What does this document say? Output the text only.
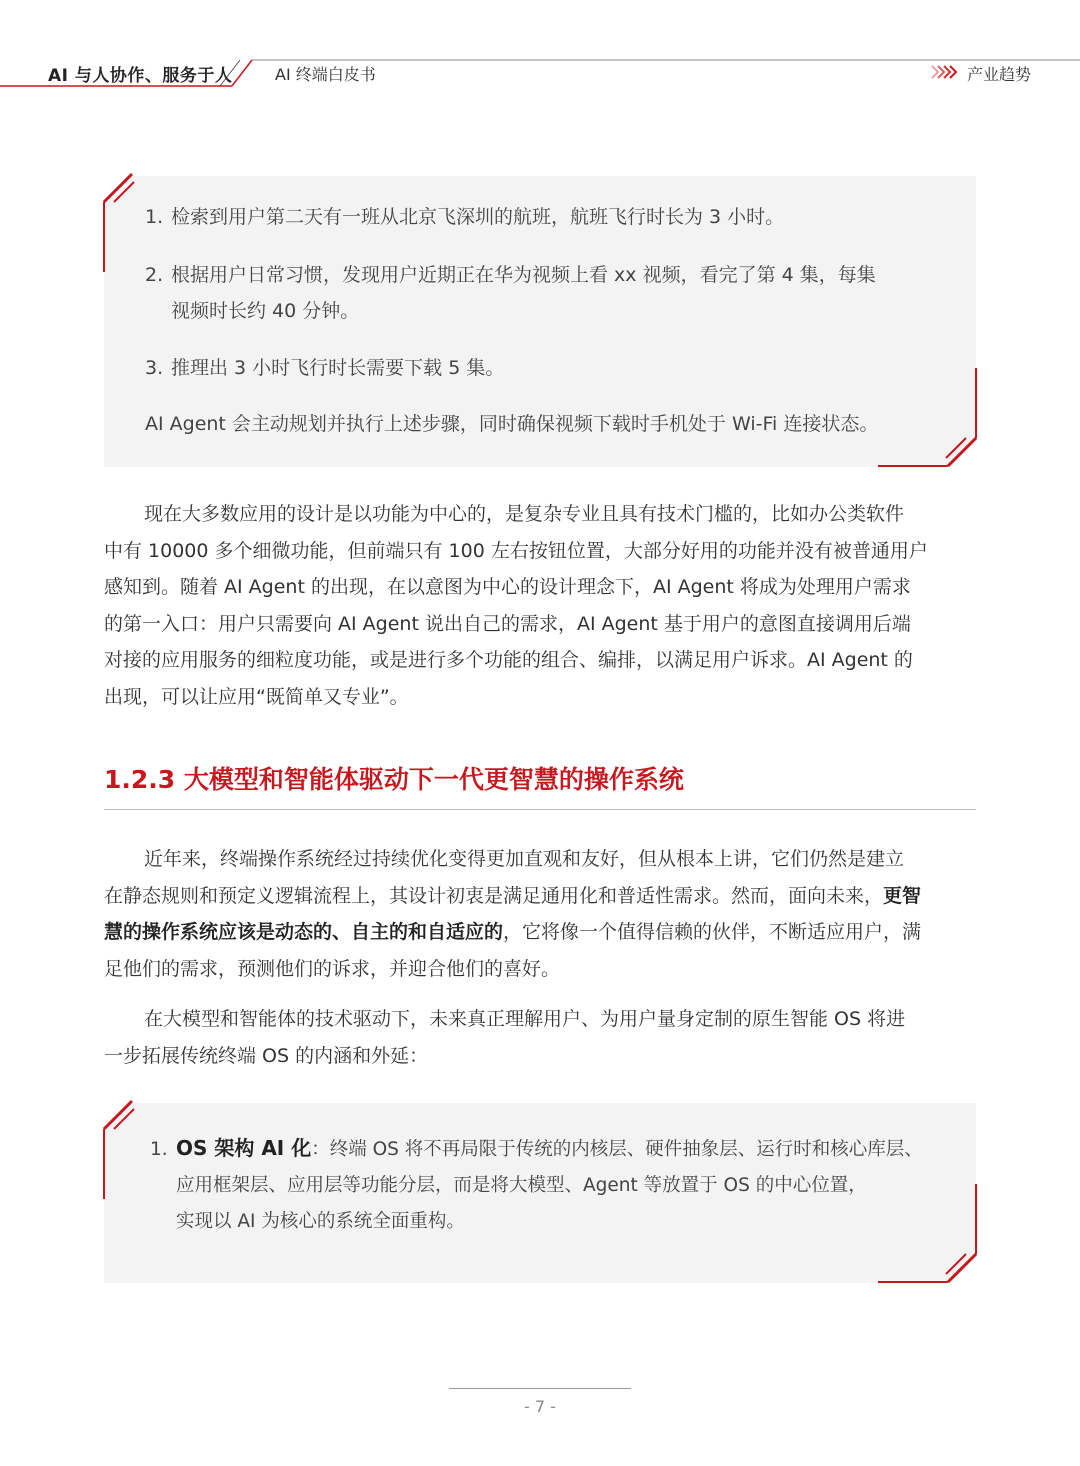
AI 与人协作、服务于人	AI 终端白皮书	产业趋势
1. 检索到用户第二天有一班从北京飞深圳的航班，航班飞行时长为 3 小时。
2. 根据用户日常习惯，发现用户近期正在华为视频上看 xx 视频，看完了第 4 集，每集
视频时长约 40 分钟。
3. 推理出 3 小时飞行时长需要下载 5 集。
AI Agent 会主动规划并执行上述步骤，同时确保视频下载时手机处于 Wi-Fi 连接状态。
现在大多数应用的设计是以功能为中心的，是复杂专业且具有技术门槛的，比如办公类软件
中有 10000 多个细微功能，但前端只有 100 左右按钮位置，大部分好用的功能并没有被普通用户
感知到。随着 AI Agent 的出现，在以意图为中心的设计理念下，AI Agent 将成为处理用户需求
的第一入口：用户只需要向 AI Agent 说出自己的需求，AI Agent 基于用户的意图直接调用后端
对接的应用服务的细粒度功能，或是进行多个功能的组合、编排，以满足用户诉求。AI Agent 的
出现，可以让应用“既简单又专业”。
1.2.3 大模型和智能体驱动下一代更智慧的操作系统
近年来，终端操作系统经过持续优化变得更加直观和友好，但从根本上讲，它们仍然是建立
在静态规则和预定义逻辑流程上，其设计初衷是满足通用化和普适性需求。然而，面向未来，更智
慧的操作系统应该是动态的、自主的和自适应的，它将像一个值得信赖的伙伴，不断适应用户，满
足他们的需求，预测他们的诉求，并迎合他们的喜好。
在大模型和智能体的技术驱动下，未来真正理解用户、为用户量身定制的原生智能 OS 将进
一步拓展传统终端 OS 的内涵和外延：
1. OS 架构 AI 化：终端 OS 将不再局限于传统的内核层、硬件抽象层、运行时和核心库层、
应用框架层、应用层等功能分层，而是将大模型、Agent 等放置于 OS 的中心位置，
实现以 AI 为核心的系统全面重构。
- 7 -
